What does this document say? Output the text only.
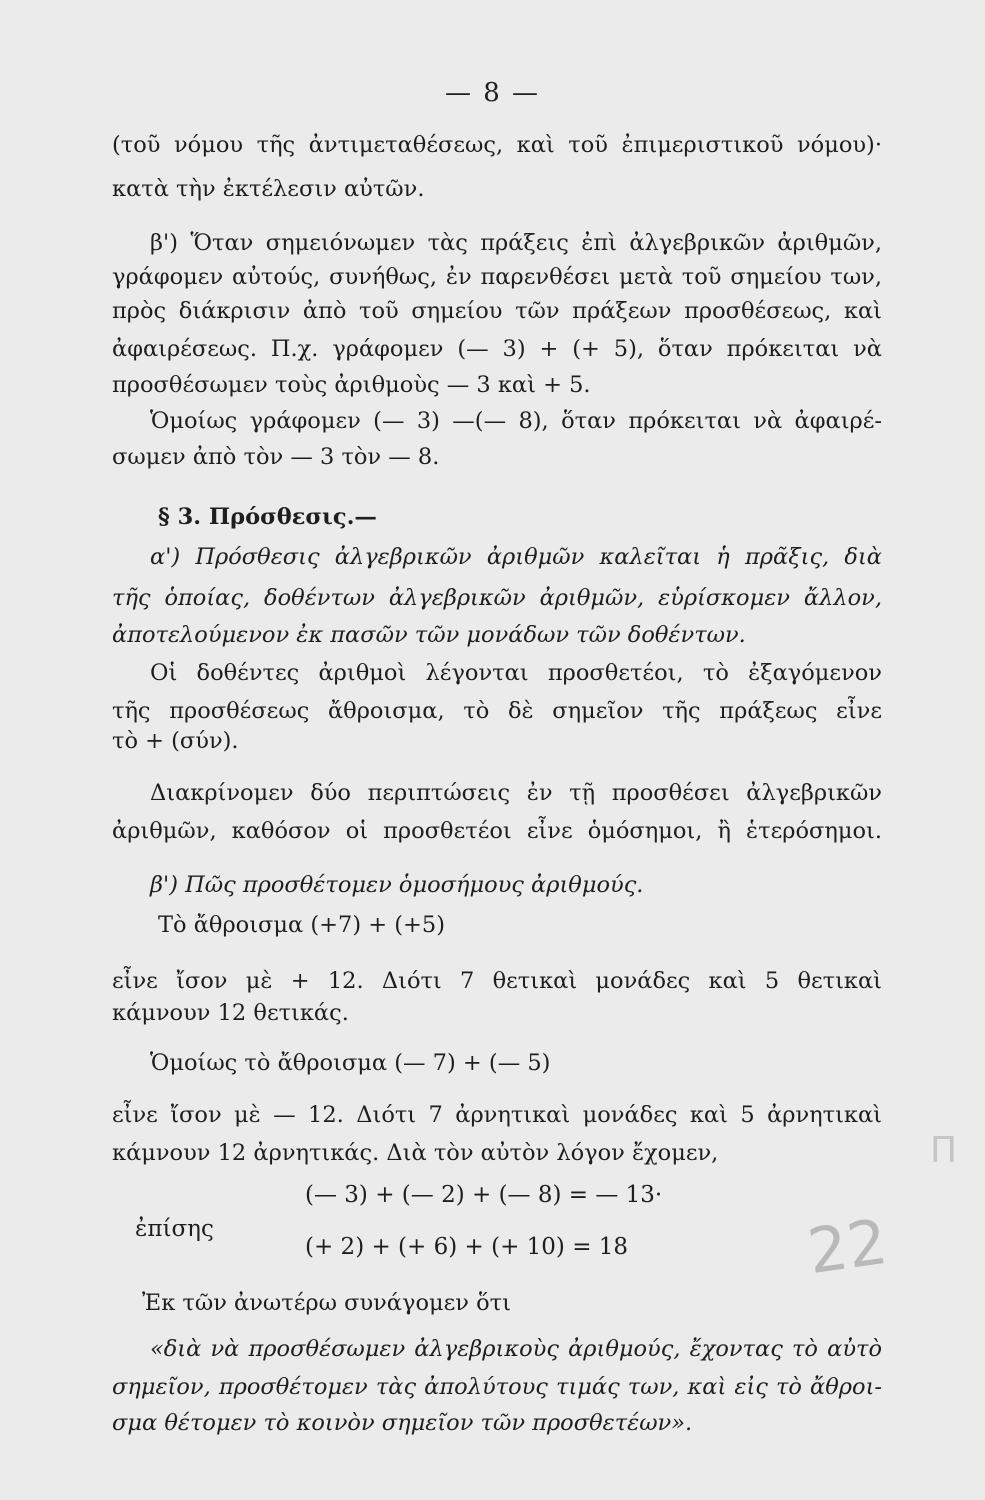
— 8 —
(τοῦ νόμου τῆς ἀντιμεταθέσεως, καὶ τοῦ ἐπιμεριστικοῦ νόμου)·
κατὰ τὴν ἐκτέλεσιν αὐτῶν.
β') Ὅταν σημειόνωμεν τὰς πράξεις ἐπὶ ἀλγεβρικῶν ἀριθμῶν,
γράφομεν αὐτούς, συνήθως, ἐν παρενθέσει μετὰ τοῦ σημείου των,
πρὸς διάκρισιν ἀπὸ τοῦ σημείου τῶν πράξεων προσθέσεως, καὶ
ἀφαιρέσεως. Π.χ. γράφομεν (— 3) + (+ 5), ὅταν πρόκειται νὰ
προσθέσωμεν τοὺς ἀριθμοὺς — 3 καὶ + 5.
Ὁμοίως γράφομεν (— 3) —(— 8), ὅταν πρόκειται νὰ ἀφαιρέ-
σωμεν ἀπὸ τὸν — 3 τὸν — 8.
§ 3. Πρόσθεσις.—
α') Πρόσθεσις ἀλγεβρικῶν ἀριθμῶν καλεῖται ἡ πρᾶξις, διὰ
τῆς ὁποίας, δοθέντων ἀλγεβρικῶν ἀριθμῶν, εὑρίσκομεν ἄλλον,
ἀποτελούμενον ἐκ πασῶν τῶν μονάδων τῶν δοθέντων.
Οἱ δοθέντες ἀριθμοὶ λέγονται προσθετέοι, τὸ ἐξαγόμενον
τῆς προσθέσεως ἄθροισμα, τὸ δὲ σημεῖον τῆς πράξεως εἶνε
τὸ + (σύν).
Διακρίνομεν δύο περιπτώσεις ἐν τῇ προσθέσει ἀλγεβρικῶν
ἀριθμῶν, καθόσον οἱ προσθετέοι εἶνε ὁμόσημοι, ἢ ἑτερόσημοι.
β') Πῶς προσθέτομεν ὁμοσήμους ἀριθμούς.
Τὸ ἄθροισμα (+7) + (+5)
εἶνε ἴσον μὲ + 12. Διότι 7 θετικαὶ μονάδες καὶ 5 θετικαὶ
κάμνουν 12 θετικάς.
Ὁμοίως τὸ ἄθροισμα (— 7) + (— 5)
εἶνε ἴσον μὲ — 12. Διότι 7 ἀρνητικαὶ μονάδες καὶ 5 ἀρνητικαὶ
κάμνουν 12 ἀρνητικάς. Διὰ τὸν αὐτὸν λόγον ἔχομεν,
(— 3) + (— 2) + (— 8) = — 13·
ἐπίσης
(+ 2) + (+ 6) + (+ 10) = 18
Ἐκ τῶν ἀνωτέρω συνάγομεν ὅτι
«διὰ νὰ προσθέσωμεν ἀλγεβρικοὺς ἀριθμούς, ἔχοντας τὸ αὐτὸ
σημεῖον, προσθέτομεν τὰς ἀπολύτους τιμάς των, καὶ εἰς τὸ ἄθροι-
σμα θέτομεν τὸ κοινὸν σημεῖον τῶν προσθετέων».
22
Π
